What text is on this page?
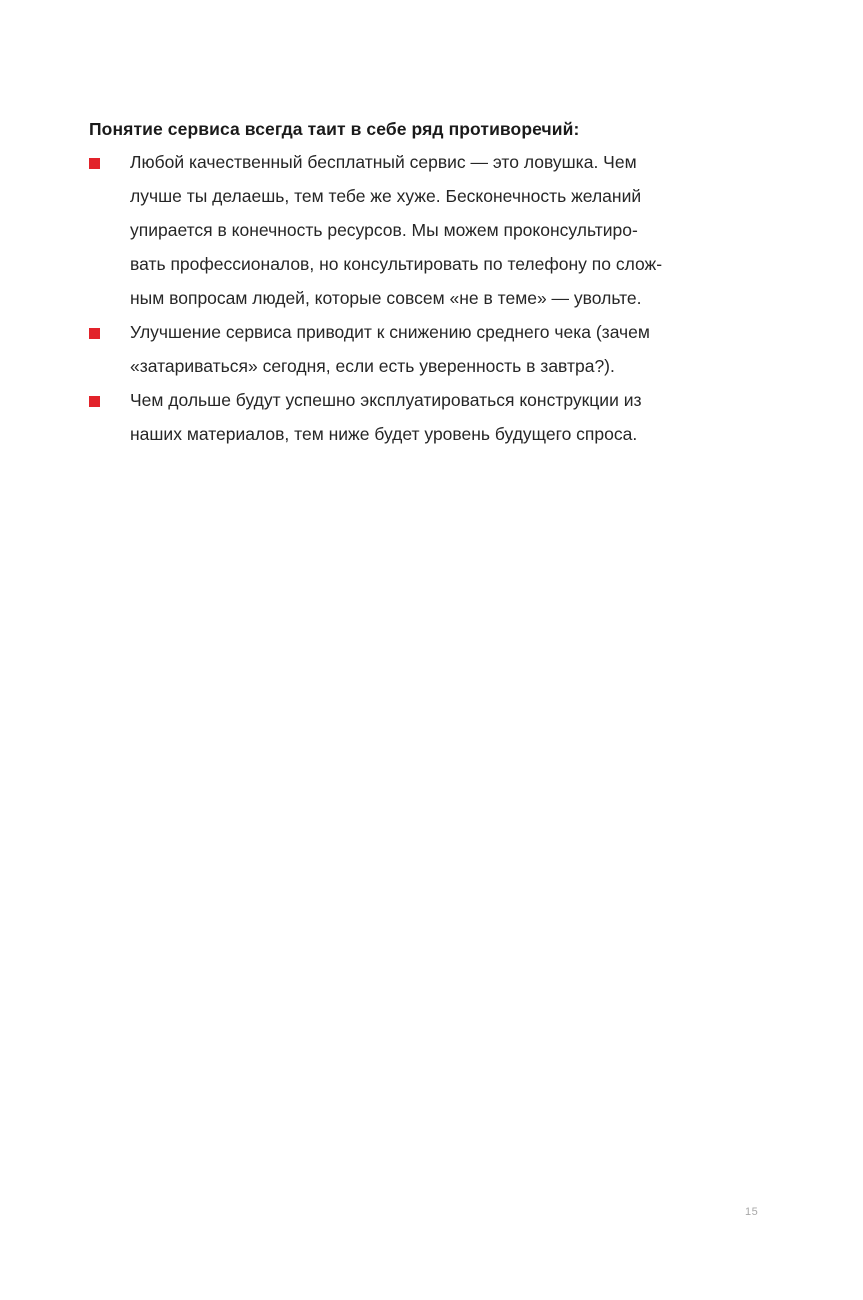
Понятие сервиса всегда таит в себе ряд противоречий:

Любой качественный бесплатный сервис — это ловушка. Чем
лучше ты делаешь, тем тебе же хуже. Бесконечность желаний
упирается в конечность ресурсов. Мы можем проконсультиро-
вать профессионалов, но консультировать по телефону по слож-
ным вопросам людей, которые совсем «не в теме» — увольте.
Улучшение сервиса приводит к снижению среднего чека (зачем
«затариваться» сегодня, если есть уверенность в завтра?).
Чем дольше будут успешно эксплуатироваться конструкции из
наших материалов, тем ниже будет уровень будущего спроса.
15
